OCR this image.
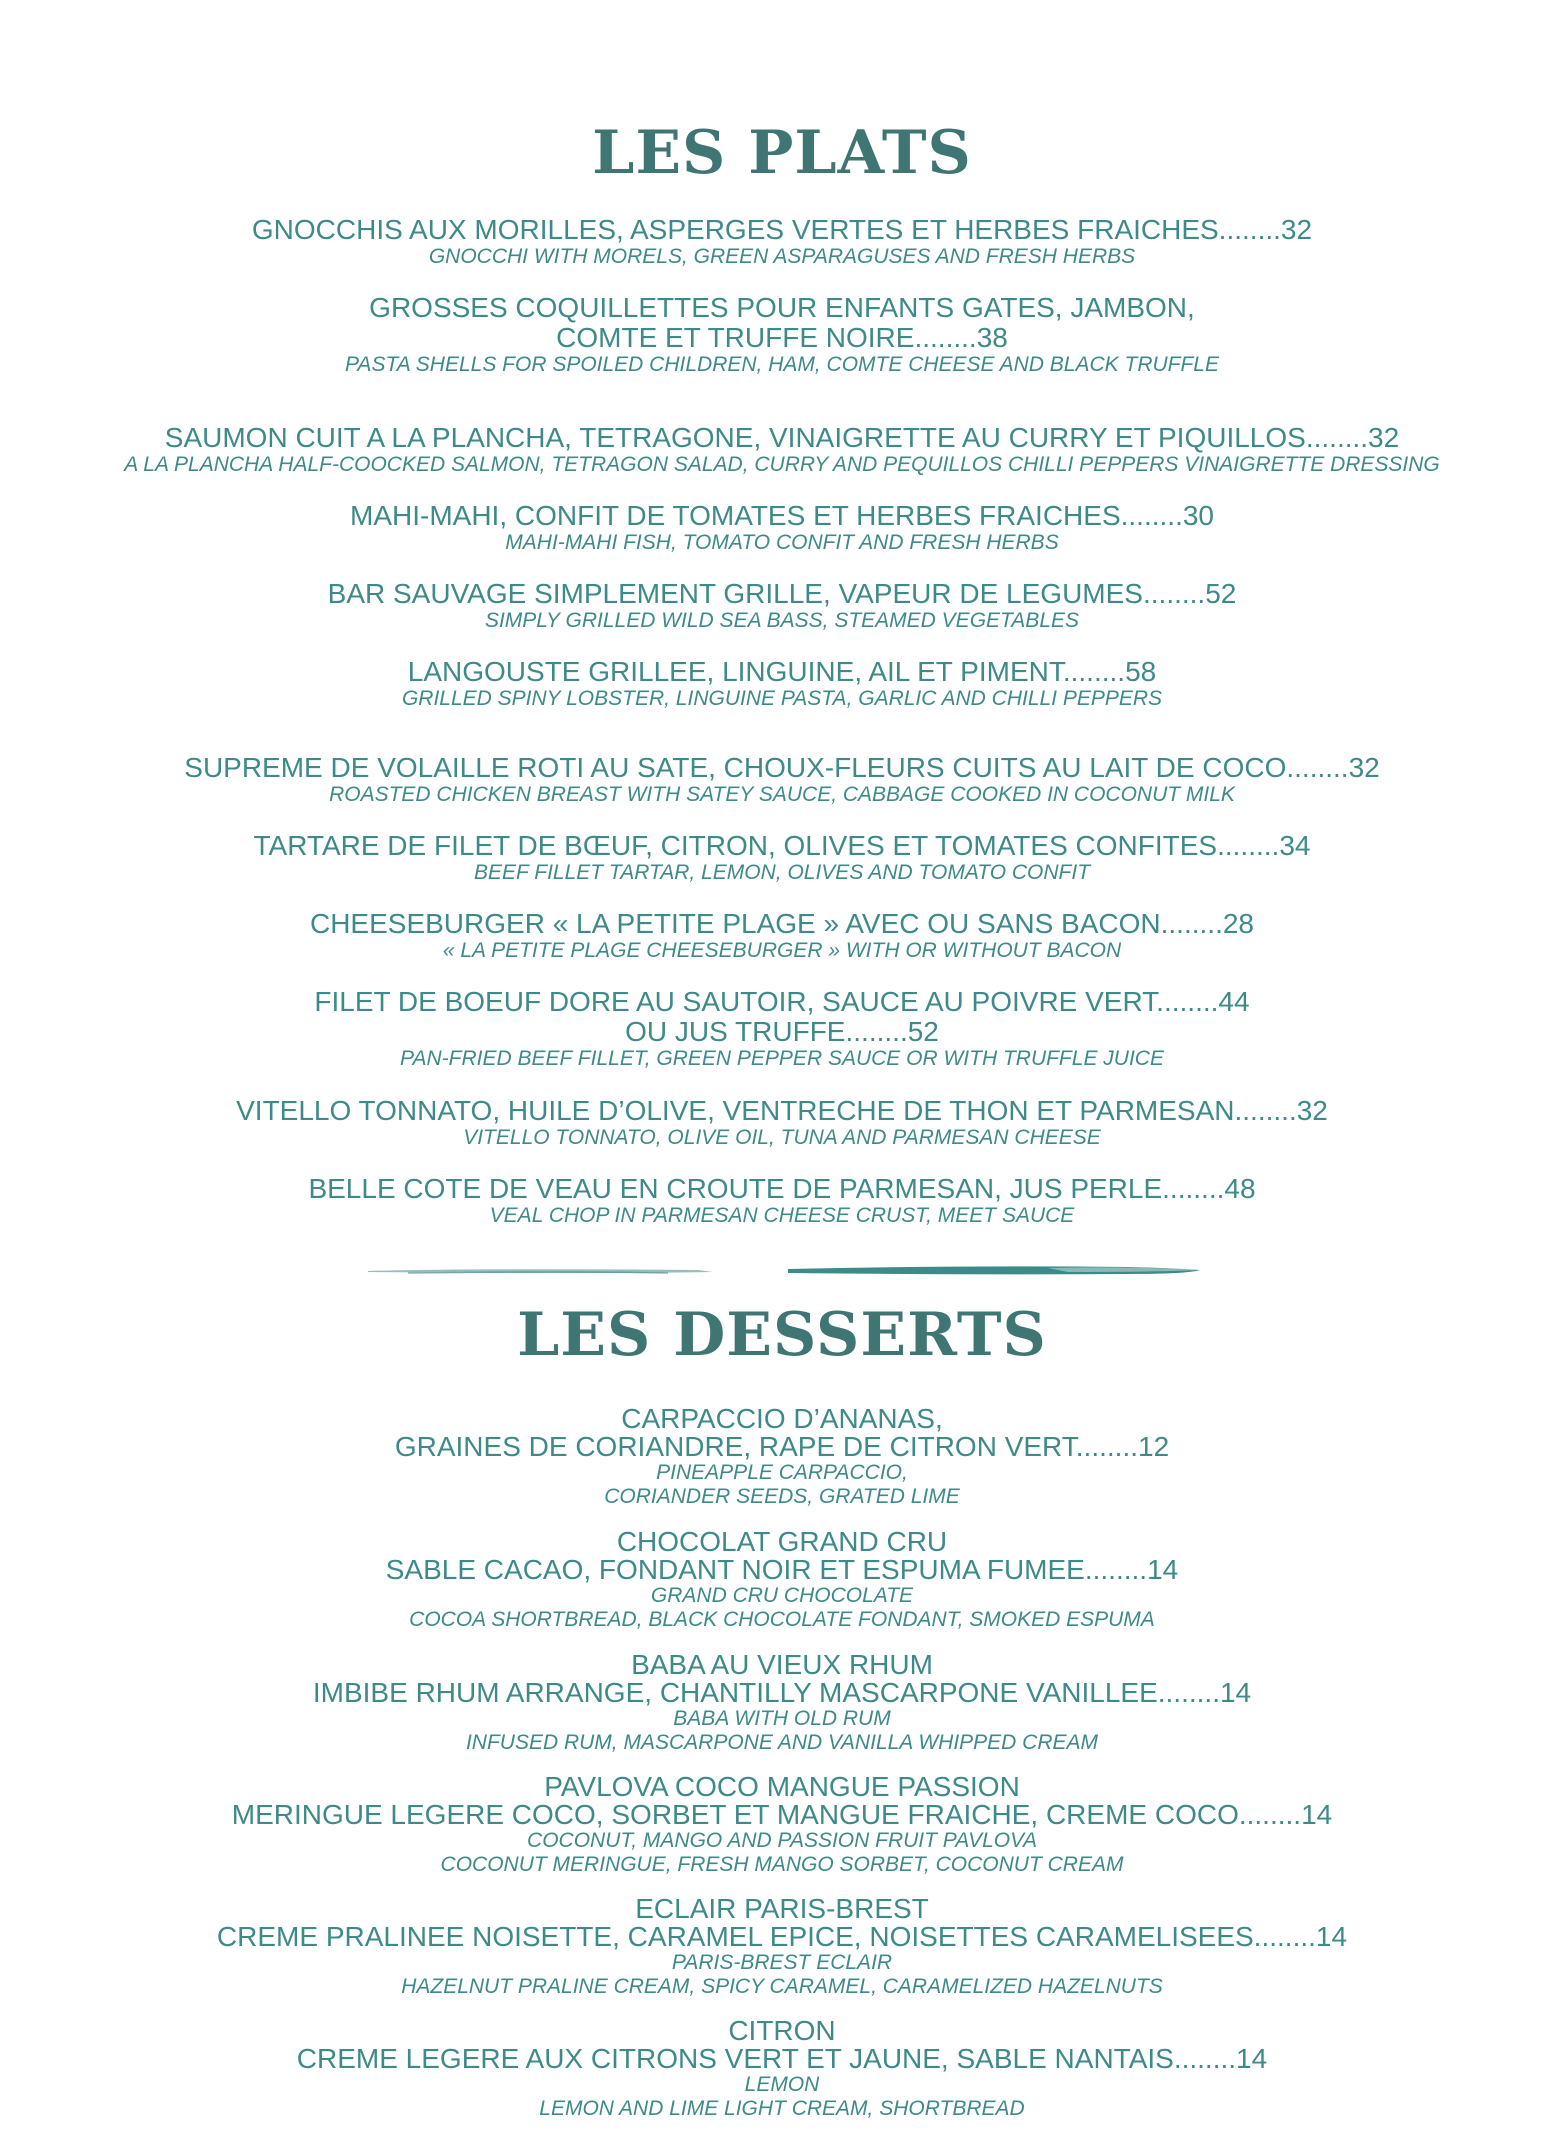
LES PLATS
GNOCCHIS AUX MORILLES, ASPERGES VERTES ET HERBES FRAICHES........32
GNOCCHI WITH MORELS, GREEN ASPARAGUSES AND FRESH HERBS
GROSSES COQUILLETTES POUR ENFANTS GATES, JAMBON,
COMTE ET TRUFFE NOIRE........38
PASTA SHELLS FOR SPOILED CHILDREN, HAM, COMTE CHEESE AND BLACK TRUFFLE
SAUMON CUIT A LA PLANCHA, TETRAGONE, VINAIGRETTE AU CURRY ET PIQUILLOS........32
A LA PLANCHA HALF-COOCKED SALMON, TETRAGON SALAD, CURRY AND PEQUILLOS CHILLI PEPPERS VINAIGRETTE DRESSING
MAHI-MAHI, CONFIT DE TOMATES ET HERBES FRAICHES........30
MAHI-MAHI FISH, TOMATO CONFIT AND FRESH HERBS
BAR SAUVAGE SIMPLEMENT GRILLE, VAPEUR DE LEGUMES........52
SIMPLY GRILLED WILD SEA BASS, STEAMED VEGETABLES
LANGOUSTE GRILLEE, LINGUINE, AIL ET PIMENT........58
GRILLED SPINY LOBSTER, LINGUINE PASTA, GARLIC AND CHILLI PEPPERS
SUPREME DE VOLAILLE ROTI AU SATE, CHOUX-FLEURS CUITS AU LAIT DE COCO........32
ROASTED CHICKEN BREAST WITH SATEY SAUCE, CABBAGE COOKED IN COCONUT MILK
TARTARE DE FILET DE BŒUF, CITRON, OLIVES ET TOMATES CONFITES........34
BEEF FILLET TARTAR, LEMON, OLIVES AND TOMATO CONFIT
CHEESEBURGER « LA PETITE PLAGE » AVEC OU SANS BACON........28
« LA PETITE PLAGE CHEESEBURGER » WITH OR WITHOUT BACON
FILET DE BOEUF DORE AU SAUTOIR, SAUCE AU POIVRE VERT........44
OU JUS TRUFFE........52
PAN-FRIED BEEF FILLET, GREEN PEPPER SAUCE OR WITH TRUFFLE JUICE
VITELLO TONNATO, HUILE D’OLIVE, VENTRECHE DE THON ET PARMESAN........32
VITELLO TONNATO, OLIVE OIL, TUNA AND PARMESAN CHEESE
BELLE COTE DE VEAU EN CROUTE DE PARMESAN, JUS PERLE........48
VEAL CHOP IN PARMESAN CHEESE CRUST, MEET SAUCE
LES DESSERTS
CARPACCIO D’ANANAS,
GRAINES DE CORIANDRE, RAPE DE CITRON VERT........12
PINEAPPLE CARPACCIO,
CORIANDER SEEDS, GRATED LIME
CHOCOLAT GRAND CRU
SABLE CACAO, FONDANT NOIR ET ESPUMA FUMEE........14
GRAND CRU CHOCOLATE
COCOA SHORTBREAD, BLACK CHOCOLATE FONDANT, SMOKED ESPUMA
BABA AU VIEUX RHUM
IMBIBE RHUM ARRANGE, CHANTILLY MASCARPONE VANILLEE........14
BABA WITH OLD RUM
INFUSED RUM, MASCARPONE AND VANILLA WHIPPED CREAM
PAVLOVA COCO MANGUE PASSION
MERINGUE LEGERE COCO, SORBET ET MANGUE FRAICHE, CREME COCO........14
COCONUT, MANGO AND PASSION FRUIT PAVLOVA
COCONUT MERINGUE, FRESH MANGO SORBET, COCONUT CREAM
ECLAIR PARIS-BREST
CREME PRALINEE NOISETTE, CARAMEL EPICE, NOISETTES CARAMELISEES........14
PARIS-BREST ECLAIR
HAZELNUT PRALINE CREAM, SPICY CARAMEL, CARAMELIZED HAZELNUTS
CITRON
CREME LEGERE AUX CITRONS VERT ET JAUNE, SABLE NANTAIS........14
LEMON
LEMON AND LIME LIGHT CREAM, SHORTBREAD
